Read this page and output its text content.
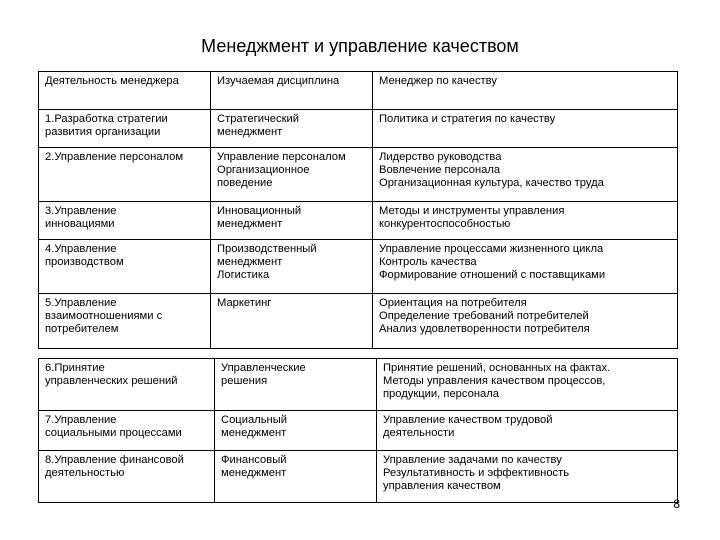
Менеджмент и управление качеством
Деятельность менеджера	Изучаемая дисциплина	Менеджер по качеству

1.Разработка стратегии
развития организации	Стратегический
менеджмент	Политика и стратегия по качеству

2.Управление персоналом	Управление персоналом
Организационное
поведение	Лидерство руководства
Вовлечение персонала
Организационная культура, качество труда

3.Управление
инновациями	Инновационный
менеджмент	Методы и инструменты управления
конкурентоспособностью

4.Управление
производством	Производственный
менеджмент
Логистика	Управление процессами жизненного цикла
Контроль качества
Формирование отношений с поставщиками

5.Управление
взаимоотношениями с
потребителем	Маркетинг	Ориентация на потребителя
Определение требований потребителей
Анализ удовлетворенности потребителя
6.Принятие
управленческих решений	Управленческие
решения	Принятие решений, основанных на фактах.
Методы управления качеством процессов,
продукции, персонала

7.Управление
социальными процессами	Социальный
менеджмент	Управление качеством трудовой
деятельности

8.Управление финансовой
деятельностью	Финансовый
менеджмент	Управление задачами по качеству
Результативность и эффективность
управления качеством
8
